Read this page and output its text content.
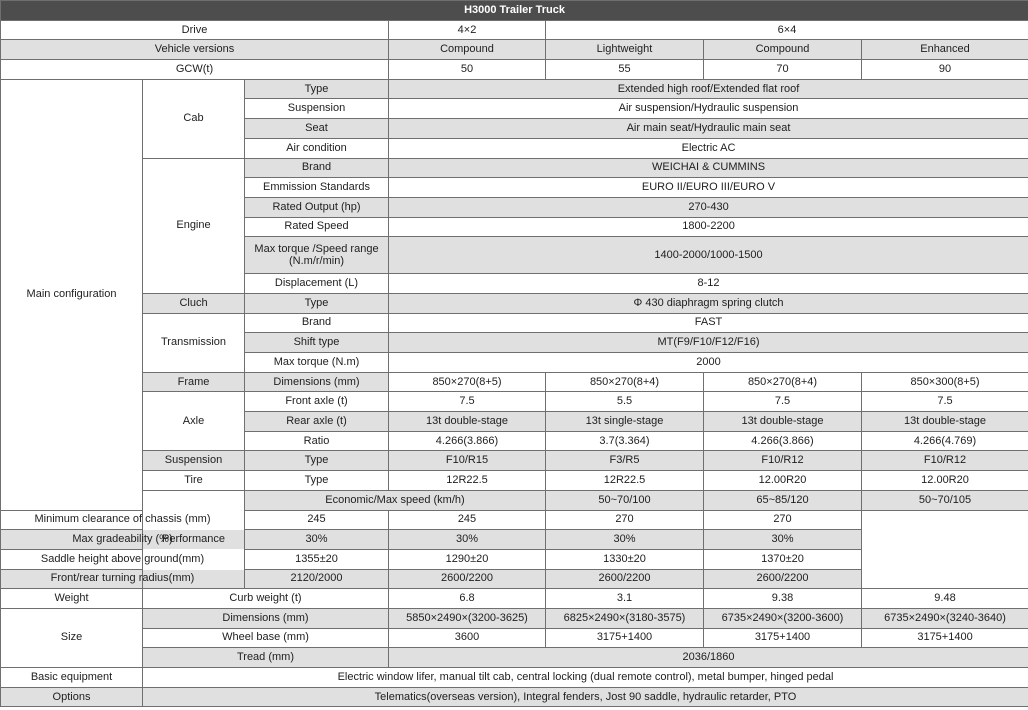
H3000 Trailer Truck							
Drive			4×2	6×4			
Vehicle versions			Compound	Lightweight	Compound	Enhanced	
GCW(t)			50	55	70	90	
Main configuration	Cab	Type	Extended high roof/Extended flat roof				
		Suspension	Air suspension/Hydraulic suspension				
		Seat	Air main seat/Hydraulic main seat				
		Air condition	Electric AC				
	Engine	Brand	WEICHAI & CUMMINS				
		Emmission Standards	EURO II/EURO III/EURO V				
		Rated Output (hp)	270-430				
		Rated Speed	1800-2200				
		Max torque /Speed range
(N.m/r/min)	1400-2000/1000-1500				
		Displacement (L)	8-12				
	Cluch	Type	Φ 430 diaphragm spring clutch				
	Transmission	Brand	FAST				
		Shift type	MT(F9/F10/F12/F16)				
		Max torque (N.m)	2000				
	Frame	Dimensions (mm)	850×270(8+5)	850×270(8+4)	850×270(8+4)	850×300(8+5)	
	Axle	Front axle (t)	7.5	5.5	7.5	7.5	
		Rear axle (t)	13t double-stage	13t single-stage	13t double-stage	13t double-stage	
		Ratio	4.266(3.866)	3.7(3.364)	4.266(3.866)	4.266(4.769)	
	Suspension	Type	F10/R15	F3/R5	F10/R12	F10/R12	
	Tire	Type	12R22.5	12R22.5	12.00R20	12.00R20	
	Performance	Economic/Max speed (km/h)		50~70/100	65~85/120	50~70/105	
Minimum clearance of chassis (mm)		245	245	270	270		
Max gradeability (%)		30%	30%	30%	30%		
Saddle height above ground(mm)		1355±20	1290±20	1330±20	1370±20		
Front/rear turning radius(mm)		2120/2000	2600/2200	2600/2200	2600/2200		
Weight	Curb weight (t)		6.8	3.1	9.38	9.48	
Size	Dimensions (mm)		5850×2490×(3200-3625)	6825×2490×(3180-3575)	6735×2490×(3200-3600)	6735×2490×(3240-3640)	
	Wheel base (mm)		3600	3175+1400	3175+1400	3175+1400	
	Tread (mm)		2036/1860				
Basic equipment	Electric window lifer, manual tilt cab, central locking (dual remote control), metal bumper, hinged pedal						
Options	Telematics(overseas version), Integral fenders, Jost 90 saddle, hydraulic retarder, PTO						
